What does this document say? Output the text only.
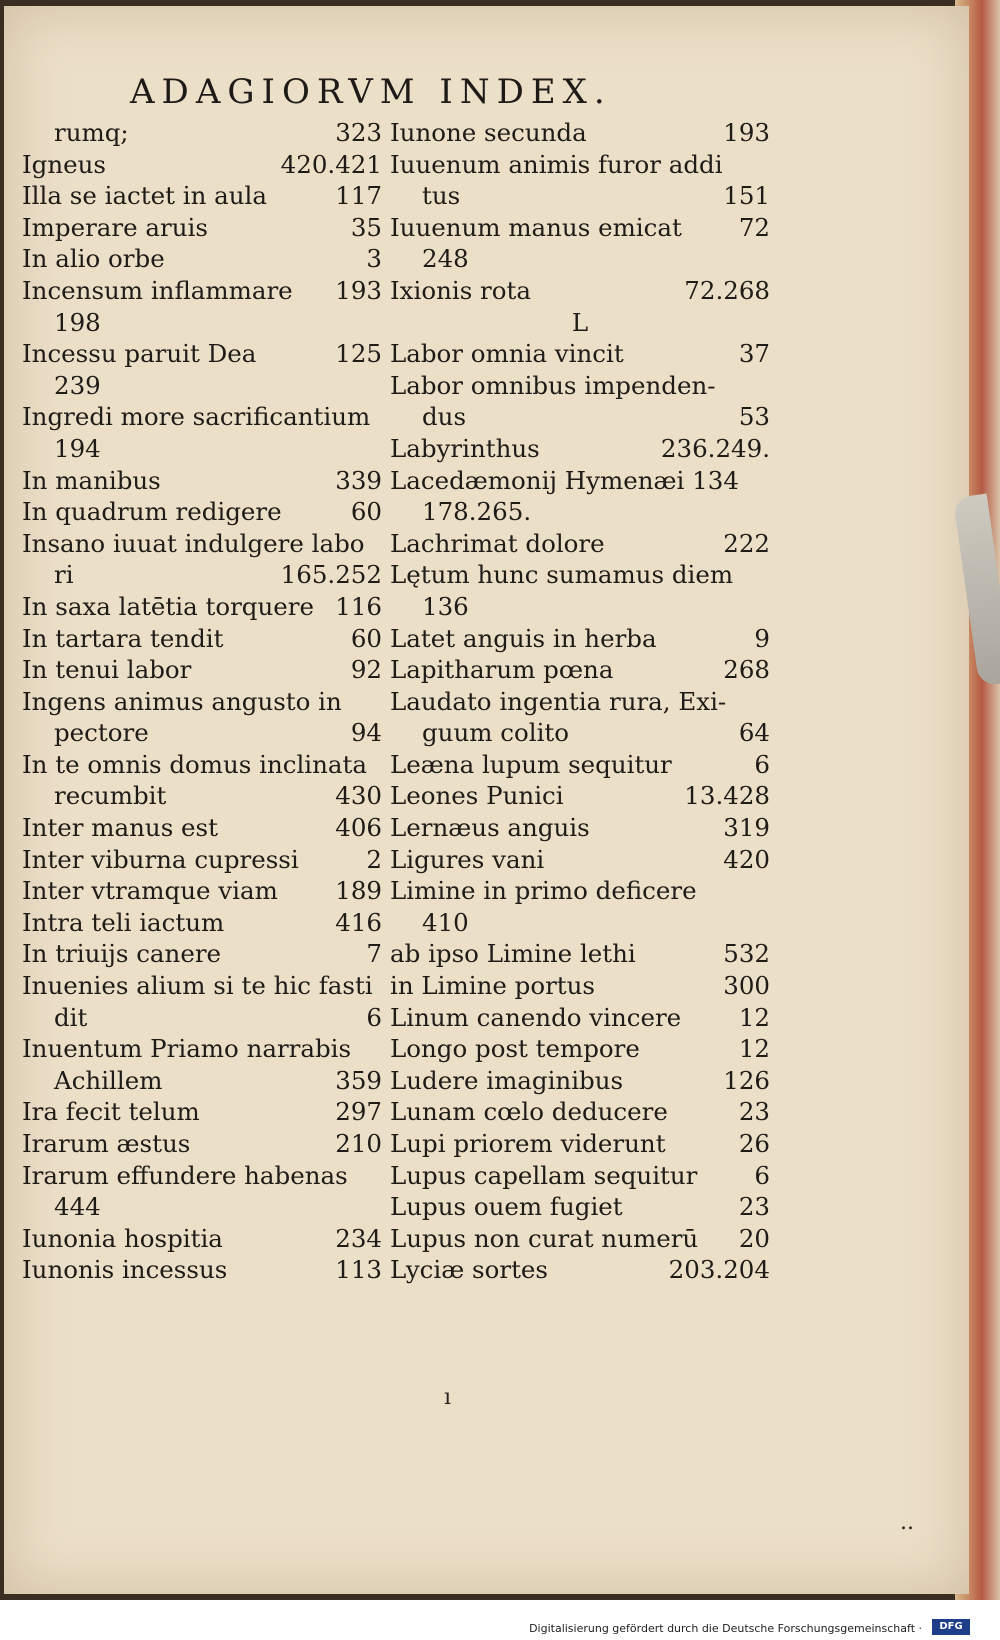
ADAGIORVM INDEX.
rumq;	323
Igneus	420.421
Illa se iactet in aula	117
Imperare aruis	35
In alio orbe	3
Incensum inflammare 193
198
Incessu paruit Dea	125
239
Ingredi more sacrificantium
194
In manibus	339
In quadrum redigere	60
Insano iuuat indulgere labo
ri	165.252
In saxa latētia torquere 116
In tartara tendit	60
In tenui labor	92
Ingens animus angusto in
pectore	94
In te omnis domus inclinata
recumbit	430
Inter manus est	406
Inter viburna cupressi	2
Inter vtramque viam 189
Intra teli iactum	416
In triuijs canere	7
Inuenies alium si te hic fasti
dit	6
Inuentum Priamo narrabis
Achillem	359
Ira fecit telum	297
Irarum æstus	210
Irarum effundere habenas
444
Iunonia hospitia	234
Iunonis incessus	113
Iunone secunda	193
Iuuenum animis furor addi
tus	151
Iuuenum manus emicat 72
248
Ixionis rota	72.268
L
Labor omnia vincit	37
Labor omnibus impenden-
dus	53
Labyrinthus	236.249.
Lacedæmonij Hymenæi 134
178.265.
Lachrimat dolore	222
Lętum hunc sumamus diem
136
Latet anguis in herba	9
Lapitharum pœna	268
Laudato ingentia rura, Exi-
guum colito	64
Leæna lupum sequitur	6
Leones Punici	13.428
Lernæus anguis	319
Ligures vani	420
Limine in primo deficere
410
ab ipso Limine lethi	532
in Limine portus	300
Linum canendo vincere 12
Longo post tempore	12
Ludere imaginibus	126
Lunam cœlo deducere	23
Lupi priorem viderunt	26
Lupus capellam sequitur 6
Lupus ouem fugiet	23
Lupus non curat numerū 20
Lyciæ sortes	203.204
ı
..
Digitalisierung gefördert durch die Deutsche Forschungsgemeinschaft ·	DFG
